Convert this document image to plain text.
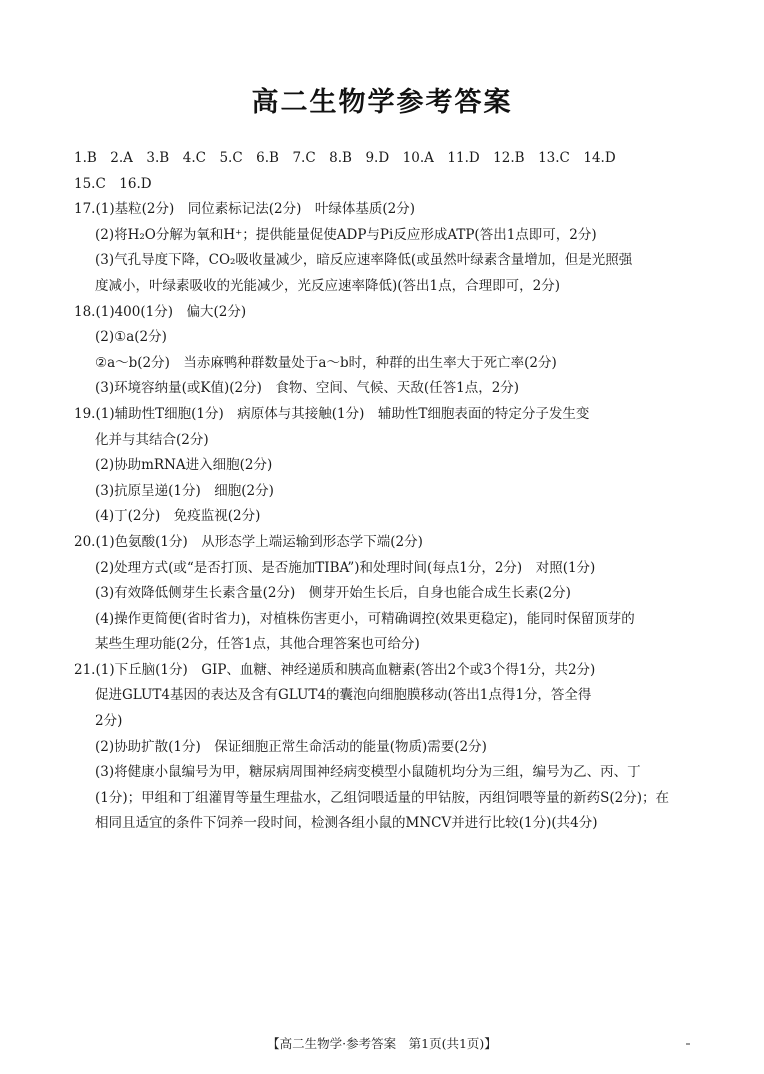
高二生物学参考答案
1.B　2.A　3.B　4.C　5.C　6.B　7.C　8.B　9.D　10.A　11.D　12.B　13.C　14.D
15.C　16.D
17.(1)基粒(2分)　同位素标记法(2分)　叶绿体基质(2分)
(2)将H₂O分解为氧和H⁺；提供能量促使ADP与Pi反应形成ATP(答出1点即可，2分)
(3)气孔导度下降，CO₂吸收量减少，暗反应速率降低(或虽然叶绿素含量增加，但是光照强
度减小，叶绿素吸收的光能减少，光反应速率降低)(答出1点，合理即可，2分)
18.(1)400(1分)　偏大(2分)
(2)①a(2分)
②a～b(2分)　当赤麻鸭种群数量处于a～b时，种群的出生率大于死亡率(2分)
(3)环境容纳量(或K值)(2分)　食物、空间、气候、天敌(任答1点，2分)
19.(1)辅助性T细胞(1分)　病原体与其接触(1分)　辅助性T细胞表面的特定分子发生变
化并与其结合(2分)
(2)协助mRNA进入细胞(2分)
(3)抗原呈递(1分)　细胞(2分)
(4)丁(2分)　免疫监视(2分)
20.(1)色氨酸(1分)　从形态学上端运输到形态学下端(2分)
(2)处理方式(或“是否打顶、是否施加TIBA”)和处理时间(每点1分，2分)　对照(1分)
(3)有效降低侧芽生长素含量(2分)　侧芽开始生长后，自身也能合成生长素(2分)
(4)操作更简便(省时省力)，对植株伤害更小，可精确调控(效果更稳定)，能同时保留顶芽的
某些生理功能(2分，任答1点，其他合理答案也可给分)
21.(1)下丘脑(1分)　GIP、血糖、神经递质和胰高血糖素(答出2个或3个得1分，共2分)
促进GLUT4基因的表达及含有GLUT4的囊泡向细胞膜移动(答出1点得1分，答全得
2分)
(2)协助扩散(1分)　保证细胞正常生命活动的能量(物质)需要(2分)
(3)将健康小鼠编号为甲，糖尿病周围神经病变模型小鼠随机均分为三组，编号为乙、丙、丁
(1分)；甲组和丁组灌胃等量生理盐水，乙组饲喂适量的甲钴胺，丙组饲喂等量的新药S(2分)；在
相同且适宜的条件下饲养一段时间，检测各组小鼠的MNCV并进行比较(1分)(共4分)
【高二生物学·参考答案　第1页(共1页)】
